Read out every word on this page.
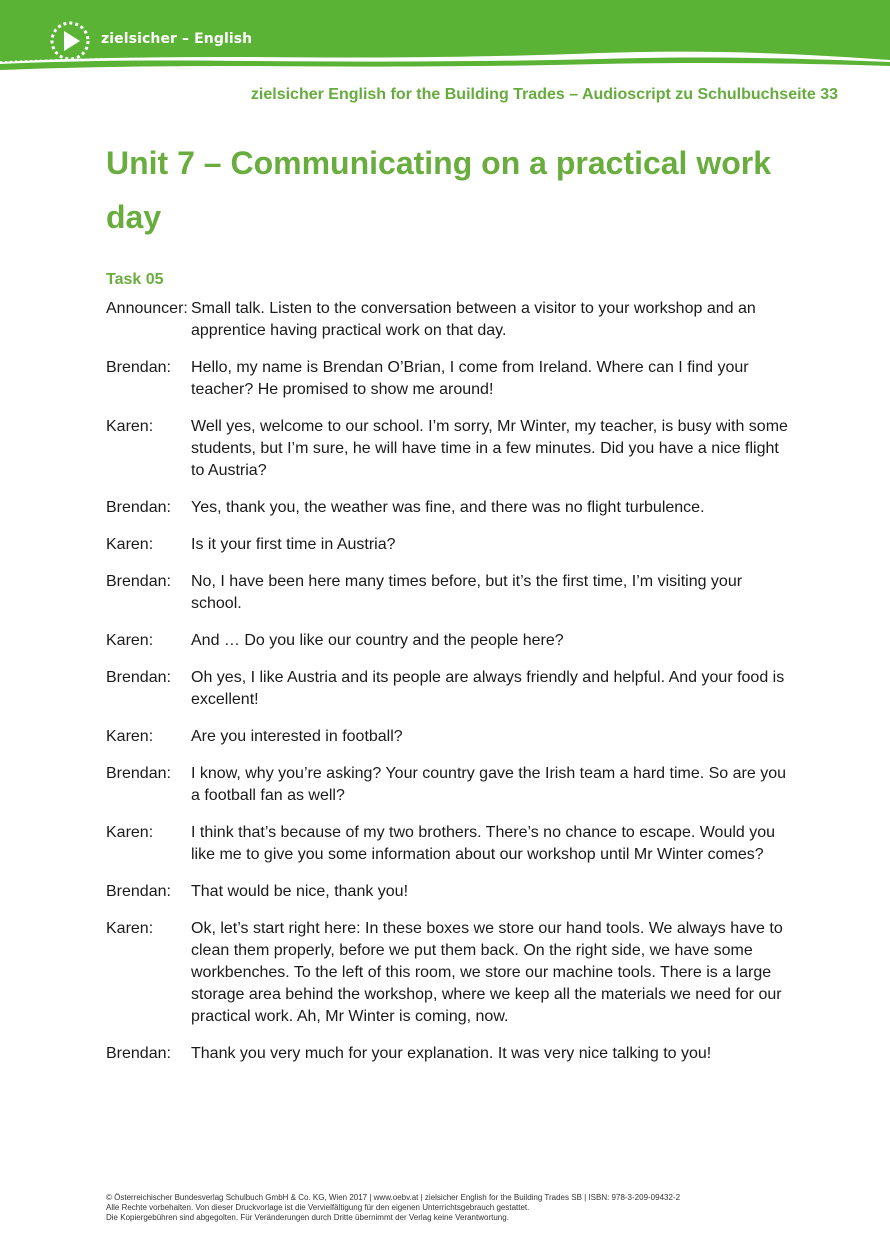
zielsicher – English
zielsicher English for the Building Trades – Audioscript zu Schulbuchseite 33
Unit 7 – Communicating on a practical work day
Task 05
Announcer: Small talk. Listen to the conversation between a visitor to your workshop and an apprentice having practical work on that day.
Brendan:	Hello, my name is Brendan O’Brian, I come from Ireland. Where can I find your teacher? He promised to show me around!
Karen:	Well yes, welcome to our school. I’m sorry, Mr Winter, my teacher, is busy with some students, but I’m sure, he will have time in a few minutes. Did you have a nice flight to Austria?
Brendan:	Yes, thank you, the weather was fine, and there was no flight turbulence.
Karen:	Is it your first time in Austria?
Brendan:	No, I have been here many times before, but it’s the first time, I’m visiting your school.
Karen:	And … Do you like our country and the people here?
Brendan:	Oh yes, I like Austria and its people are always friendly and helpful. And your food is excellent!
Karen:	Are you interested in football?
Brendan:	I know, why you’re asking? Your country gave the Irish team a hard time. So are you a football fan as well?
Karen:	I think that’s because of my two brothers. There’s no chance to escape. Would you like me to give you some information about our workshop until Mr Winter comes?
Brendan:	That would be nice, thank you!
Karen:	Ok, let’s start right here: In these boxes we store our hand tools. We always have to clean them properly, before we put them back. On the right side, we have some workbenches. To the left of this room, we store our machine tools. There is a large storage area behind the workshop, where we keep all the materials we need for our practical work. Ah, Mr Winter is coming, now.
Brendan:	Thank you very much for your explanation. It was very nice talking to you!
© Österreichischer Bundesverlag Schulbuch GmbH & Co. KG, Wien 2017 | www.oebv.at | zielsicher English for the Building Trades SB | ISBN: 978-3-209-09432-2
Alle Rechte vorbehalten. Von dieser Druckvorlage ist die Vervielfältigung für den eigenen Unterrichtsgebrauch gestattet.
Die Kopiergebühren sind abgegolten. Für Veränderungen durch Dritte übernimmt der Verlag keine Verantwortung.
